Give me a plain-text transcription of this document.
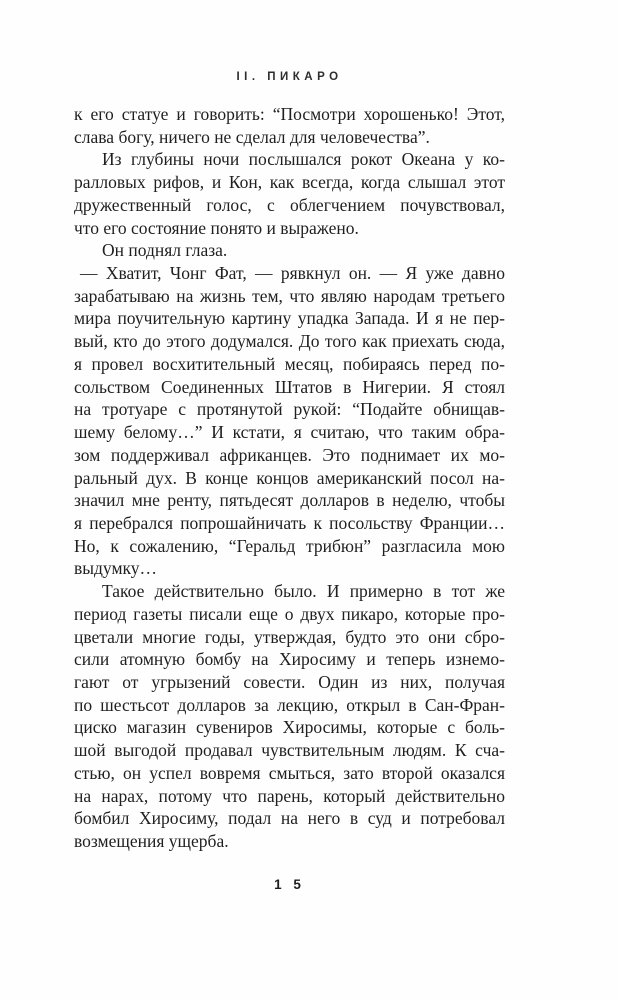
II. ПИКАРО
к его статуе и говорить: “Посмотри хорошенько! Этот,
слава богу, ничего не сделал для человечества”.
Из глубины ночи послышался рокот Океана у ко-
ралловых рифов, и Кон, как всегда, когда слышал этот
дружественный голос, с облегчением почувствовал,
что его состояние понято и выражено.
Он поднял глаза.
— Хватит, Чонг Фат, — рявкнул он. — Я уже давно
зарабатываю на жизнь тем, что являю народам третьего
мира поучительную картину упадка Запада. И я не пер-
вый, кто до этого додумался. До того как приехать сюда,
я провел восхитительный месяц, побираясь перед по-
сольством Соединенных Штатов в Нигерии. Я стоял
на тротуаре с протянутой рукой: “Подайте обнищав-
шему белому…” И кстати, я считаю, что таким обра-
зом поддерживал африканцев. Это поднимает их мо-
ральный дух. В конце концов американский посол на-
значил мне ренту, пятьдесят долларов в неделю, чтобы
я перебрался попрошайничать к посольству Франции…
Но, к сожалению, “Геральд трибюн” разгласила мою
выдумку…
Такое действительно было. И примерно в тот же
период газеты писали еще о двух пикаро, которые про-
цветали многие годы, утверждая, будто это они сбро-
сили атомную бомбу на Хиросиму и теперь изнемо-
гают от угрызений совести. Один из них, получая
по шестьсот долларов за лекцию, открыл в Сан-Фран-
циско магазин сувениров Хиросимы, которые с боль-
шой выгодой продавал чувствительным людям. К сча-
стью, он успел вовремя смыться, зато второй оказался
на нарах, потому что парень, который действительно
бомбил Хиросиму, подал на него в суд и потребовал
возмещения ущерба.
1 5
